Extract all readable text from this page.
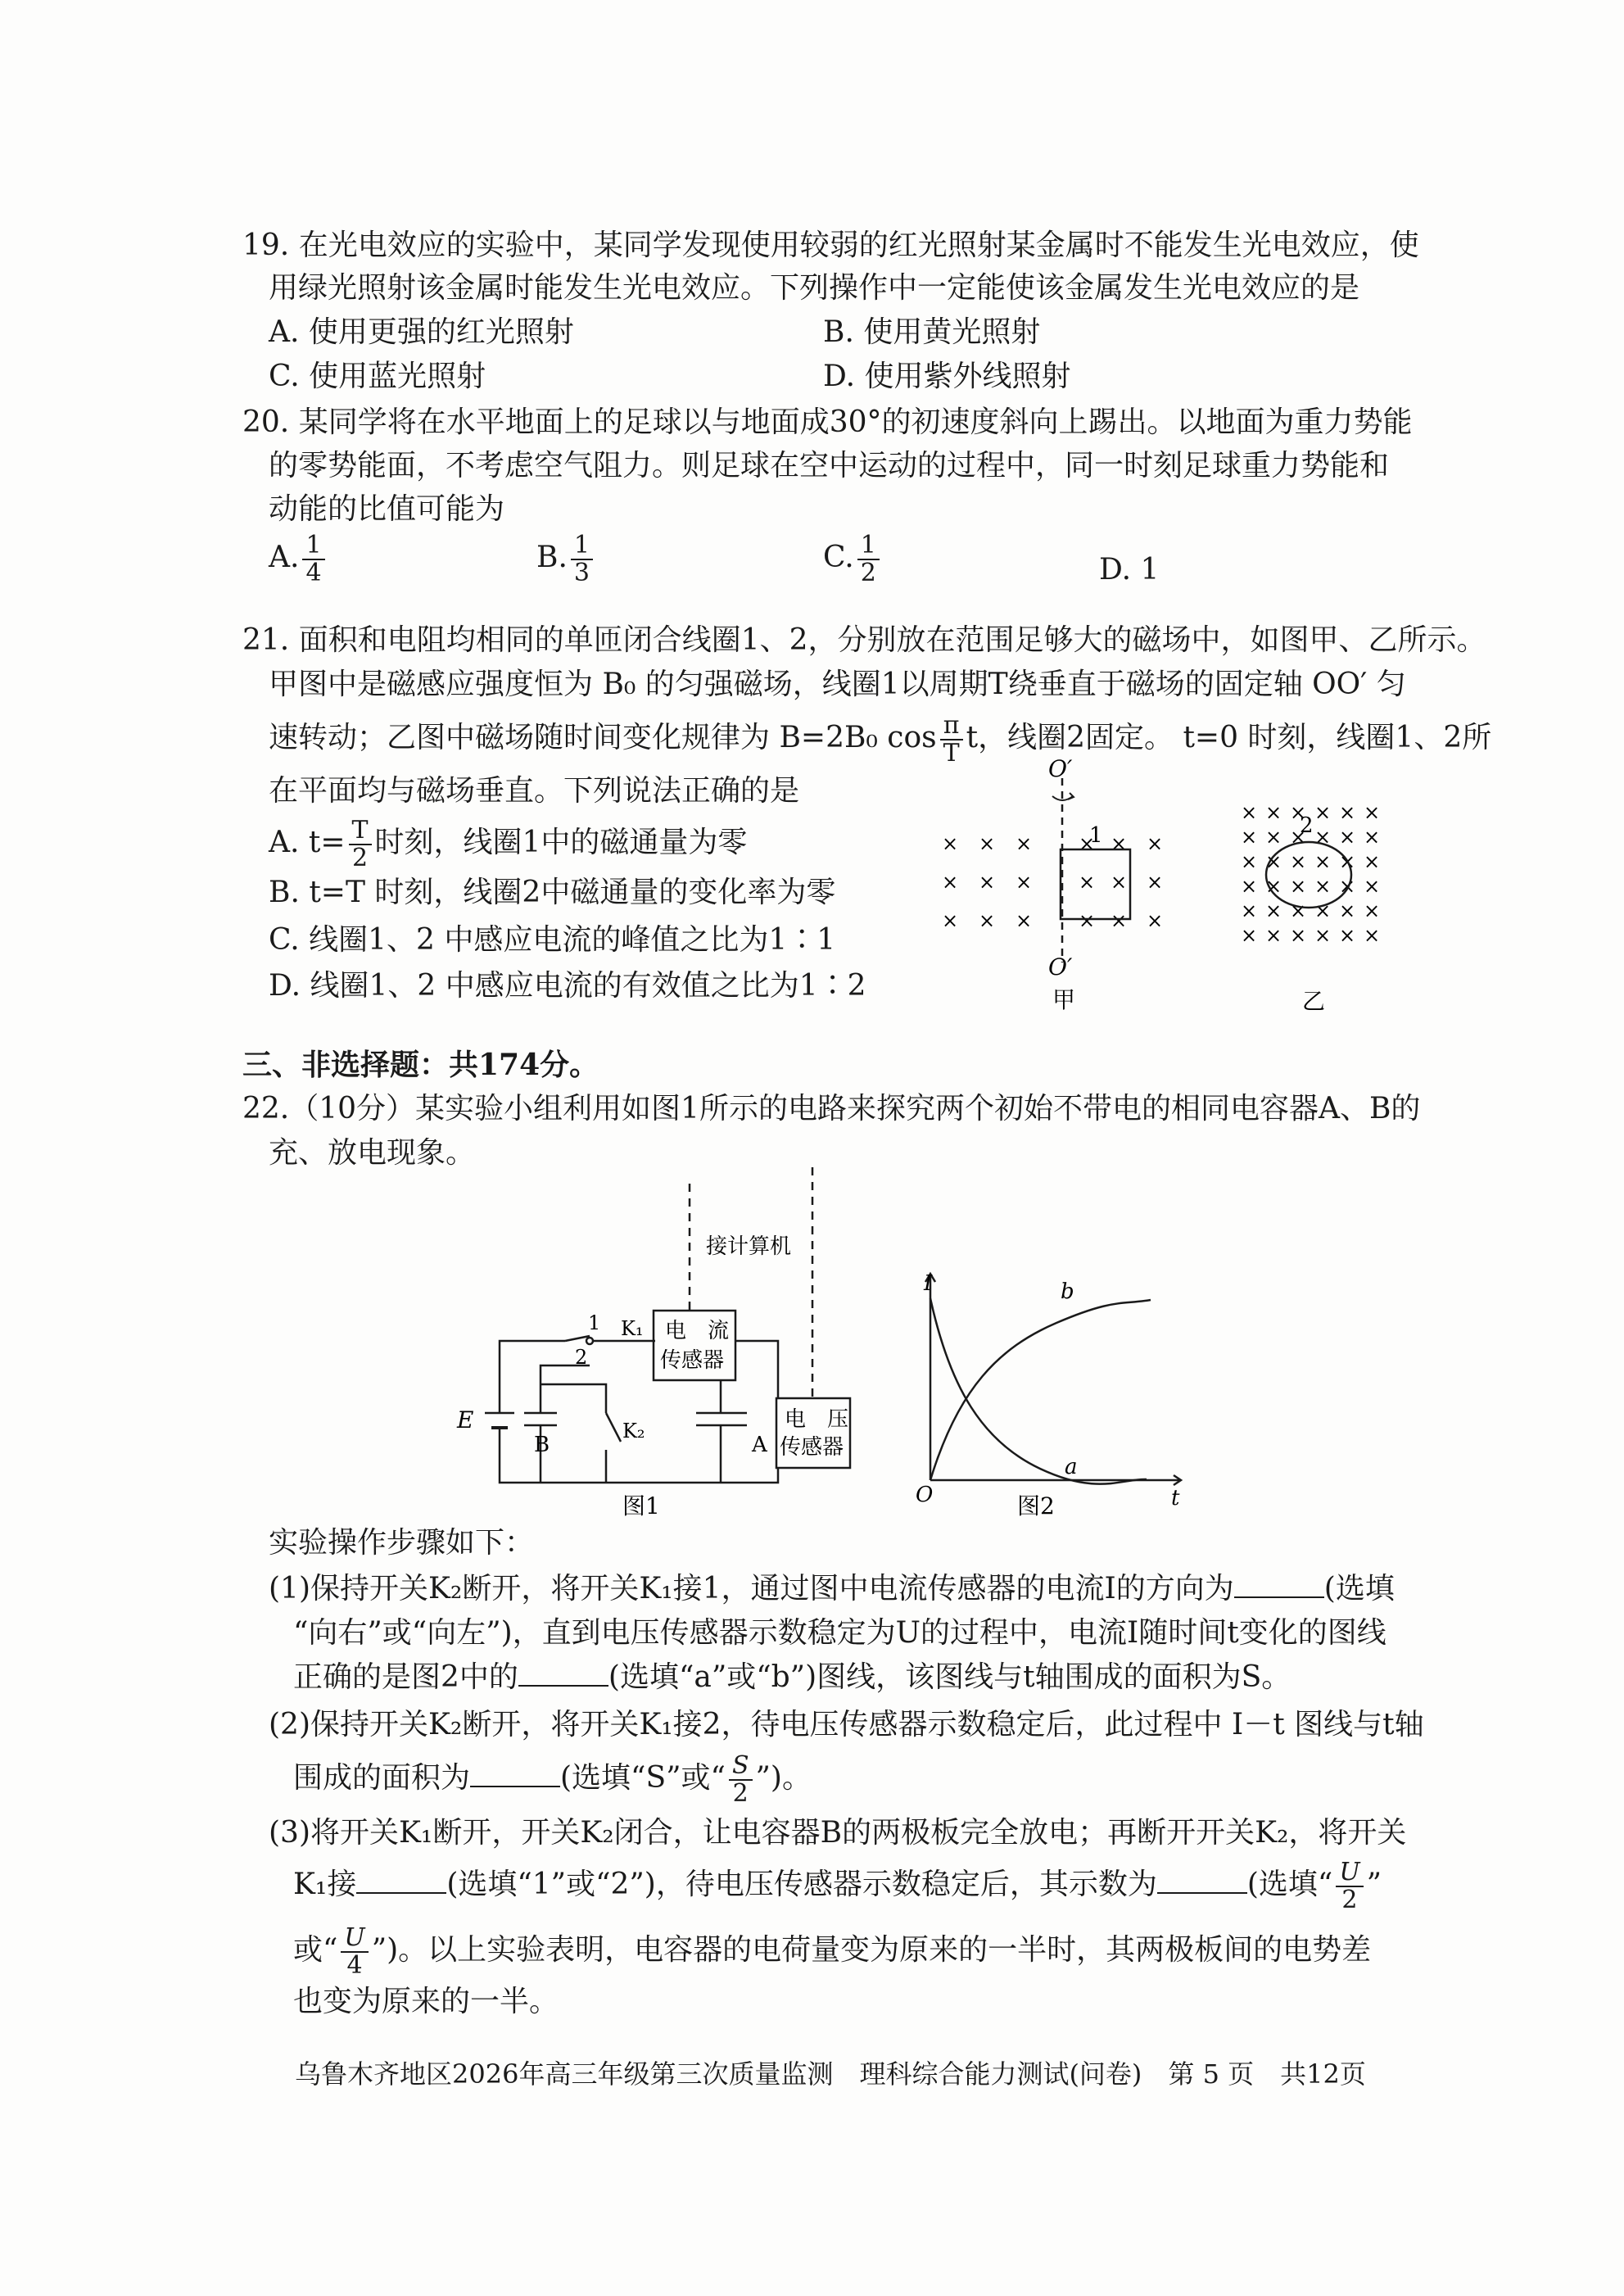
19. 在光电效应的实验中，某同学发现使用较弱的红光照射某金属时不能发生光电效应，使
用绿光照射该金属时能发生光电效应。下列操作中一定能使该金属发生光电效应的是
A. 使用更强的红光照射	B. 使用黄光照射
C. 使用蓝光照射	D. 使用紫外线照射
20. 某同学将在水平地面上的足球以与地面成30°的初速度斜向上踢出。以地面为重力势能
的零势能面，不考虑空气阻力。则足球在空中运动的过程中，同一时刻足球重力势能和
动能的比值可能为
A. $\frac{1}{4}$	B. $\frac{1}{3}$	C. $\frac{1}{2}$	D. 1
21. 面积和电阻均相同的单匝闭合线圈1、2，分别放在范围足够大的磁场中，如图甲、乙所示。
甲图中是磁感应强度恒为 B₀ 的匀强磁场，线圈1以周期T绕垂直于磁场的固定轴 OO′ 匀
速转动；乙图中磁场随时间变化规律为 B=2B₀ $\cos \frac{\pi}{T}$ t，线圈2固定。 t=0 时刻，线圈1、2所
在平面均与磁场垂直。下列说法正确的是
A. $t= \frac{T}{2}$ 时刻，线圈1中的磁通量为零
B. t=T 时刻，线圈2中磁通量的变化率为零
C. 线圈1、2 中感应电流的峰值之比为1∶1
D. 线圈1、2 中感应电流的有效值之比为1∶2
× × × × × ×
× × × × × ×
× × × × × ×
O′
O′
1
甲
× × × × × ×
× × × × × ×
× × × × × ×
× × × × × ×
× × × × × ×
× × × × × ×
2
乙
三、非选择题：共174分。
22.（10分）某实验小组利用如图1所示的电路来探究两个初始不带电的相同电容器A、B的
充、放电现象。
接计算机
电　流
传感器
电　压
传感器
E
B	A
K₁
K₂
1
2
图1
I
O	t
a
b
图2
实验操作步骤如下：
(1)保持开关K₂断开，将开关K₁接1，通过图中电流传感器的电流I的方向为	(选填
“向右”或“向左”)，直到电压传感器示数稳定为U的过程中，电流I随时间t变化的图线
正确的是图2中的	(选填“a”或“b”)图线，该图线与t轴围成的面积为S。
(2)保持开关K₂断开，将开关K₁接2，待电压传感器示数稳定后，此过程中 I－t 图线与t轴
围成的面积为	(选填“S”或“ $\frac{S}{2}$ ”)。
(3)将开关K₁断开，开关K₂闭合，让电容器B的两极板完全放电；再断开开关K₂，将开关
K₁接	(选填“1”或“2”)，待电压传感器示数稳定后，其示数为	(选填“ $\frac{U}{2}$ ”
或“ $\frac{U}{4}$ ”)。以上实验表明，电容器的电荷量变为原来的一半时，其两极板间的电势差
也变为原来的一半。
乌鲁木齐地区2026年高三年级第三次质量监测　理科综合能力测试(问卷)　第 5 页　共12页
